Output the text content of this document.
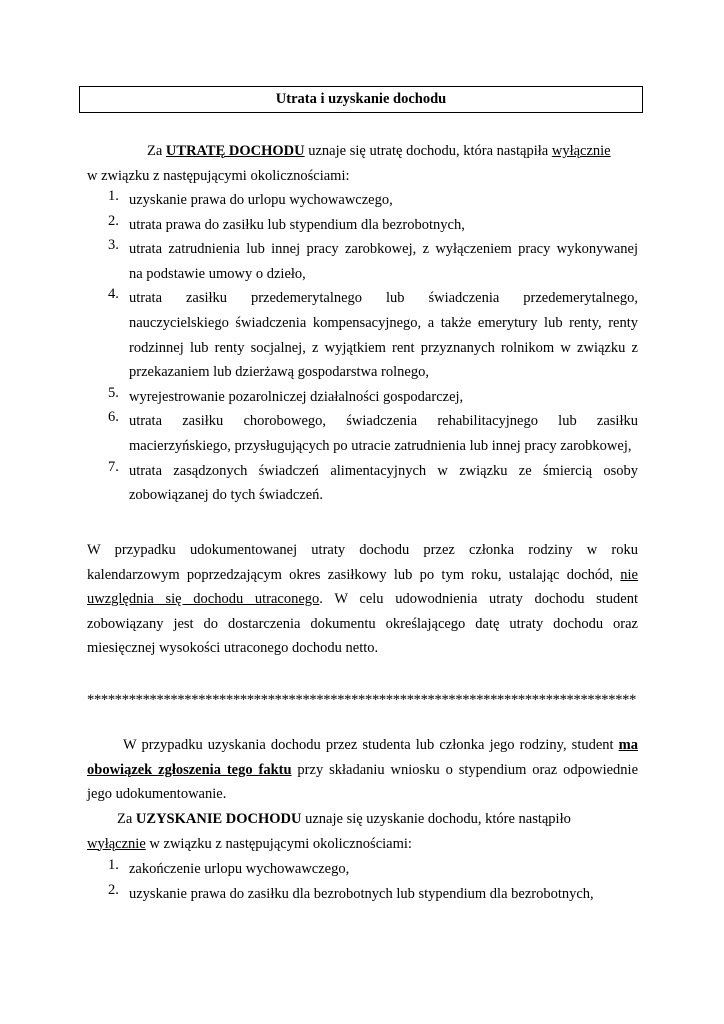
Utrata i uzyskanie dochodu
Za UTRATĘ DOCHODU uznaje się utratę dochodu, która nastąpiła wyłącznie
w związku z następującymi okolicznościami:
1. uzyskanie prawa do urlopu wychowawczego,
2. utrata prawa do zasiłku lub stypendium dla bezrobotnych,
3. utrata zatrudnienia lub innej pracy zarobkowej, z wyłączeniem pracy wykonywanej
na podstawie umowy o dzieło,
4. utrata zasiłku przedemerytalnego lub świadczenia przedemerytalnego,
nauczycielskiego świadczenia kompensacyjnego, a także emerytury lub renty, renty
rodzinnej lub renty socjalnej, z wyjątkiem rent przyznanych rolnikom w związku z
przekazaniem lub dzierżawą gospodarstwa rolnego,
5. wyrejestrowanie pozarolniczej działalności gospodarczej,
6. utrata zasiłku chorobowego, świadczenia rehabilitacyjnego lub zasiłku
macierzyńskiego, przysługujących po utracie zatrudnienia lub innej pracy zarobkowej,
7. utrata zasądzonych świadczeń alimentacyjnych w związku ze śmiercią osoby
zobowiązanej do tych świadczeń.
W przypadku udokumentowanej utraty dochodu przez członka rodziny w roku
kalendarzowym poprzedzającym okres zasiłkowy lub po tym roku, ustalając dochód, nie
uwzględnia się dochodu utraconego. W celu udowodnienia utraty dochodu student
zobowiązany jest do dostarczenia dokumentu określającego datę utraty dochodu oraz
miesięcznej wysokości utraconego dochodu netto.
*******************************************************************************
W przypadku uzyskania dochodu przez studenta lub członka jego rodziny, student ma
obowiązek zgłoszenia tego faktu przy składaniu wniosku o stypendium oraz odpowiednie
jego udokumentowanie.
Za UZYSKANIE DOCHODU uznaje się uzyskanie dochodu, które nastąpiło
wyłącznie w związku z następującymi okolicznościami:
1. zakończenie urlopu wychowawczego,
2. uzyskanie prawa do zasiłku dla bezrobotnych lub stypendium dla bezrobotnych,
